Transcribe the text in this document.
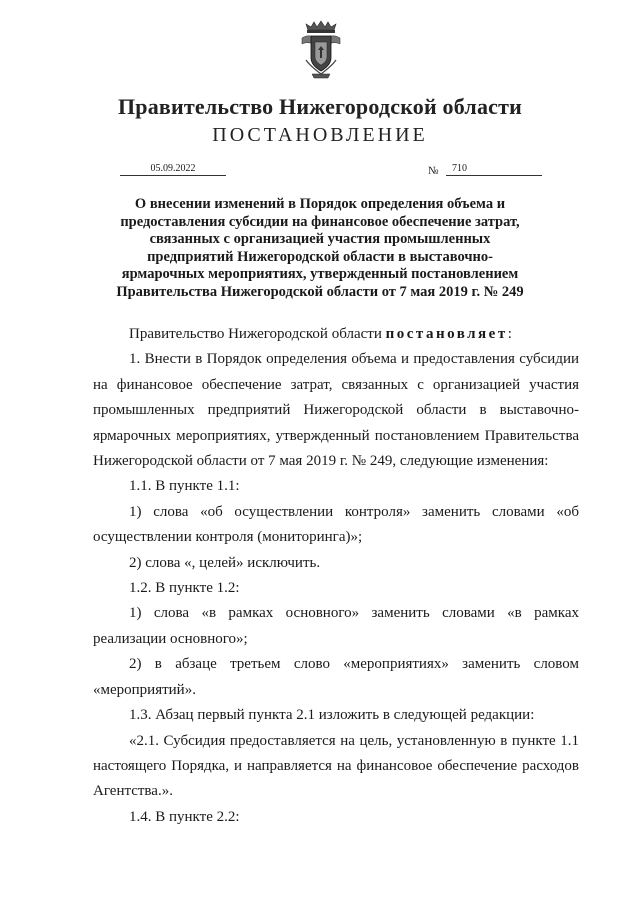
Правительство Нижегородской области
ПОСТАНОВЛЕНИЕ
05.09.2022	№	710
О внесении изменений в Порядок определения объема и
предоставления субсидии на финансовое обеспечение затрат,
связанных с организацией участия промышленных
предприятий Нижегородской области в выставочно-
ярмарочных мероприятиях, утвержденный постановлением
Правительства Нижегородской области от 7 мая 2019 г. № 249

Правительство Нижегородской области постановляет:

1. Внести в Порядок определения объема и предоставления субсидии на финансовое обеспечение затрат, связанных с организацией участия промышленных предприятий Нижегородской области в выставочно-ярмарочных мероприятиях, утвержденный постановлением Правительства Нижегородской области от 7 мая 2019 г. № 249, следующие изменения:

1.1. В пункте 1.1:

1) слова «об осуществлении контроля» заменить словами «об осуществлении контроля (мониторинга)»;

2) слова «, целей» исключить.

1.2. В пункте 1.2:

1) слова «в рамках основного» заменить словами «в рамках реализации основного»;

2) в абзаце третьем слово «мероприятиях» заменить словом «мероприятий».

1.3. Абзац первый пункта 2.1 изложить в следующей редакции:

«2.1. Субсидия предоставляется на цель, установленную в пункте 1.1 настоящего Порядка, и направляется на финансовое обеспечение расходов Агентства.».

1.4. В пункте 2.2:
